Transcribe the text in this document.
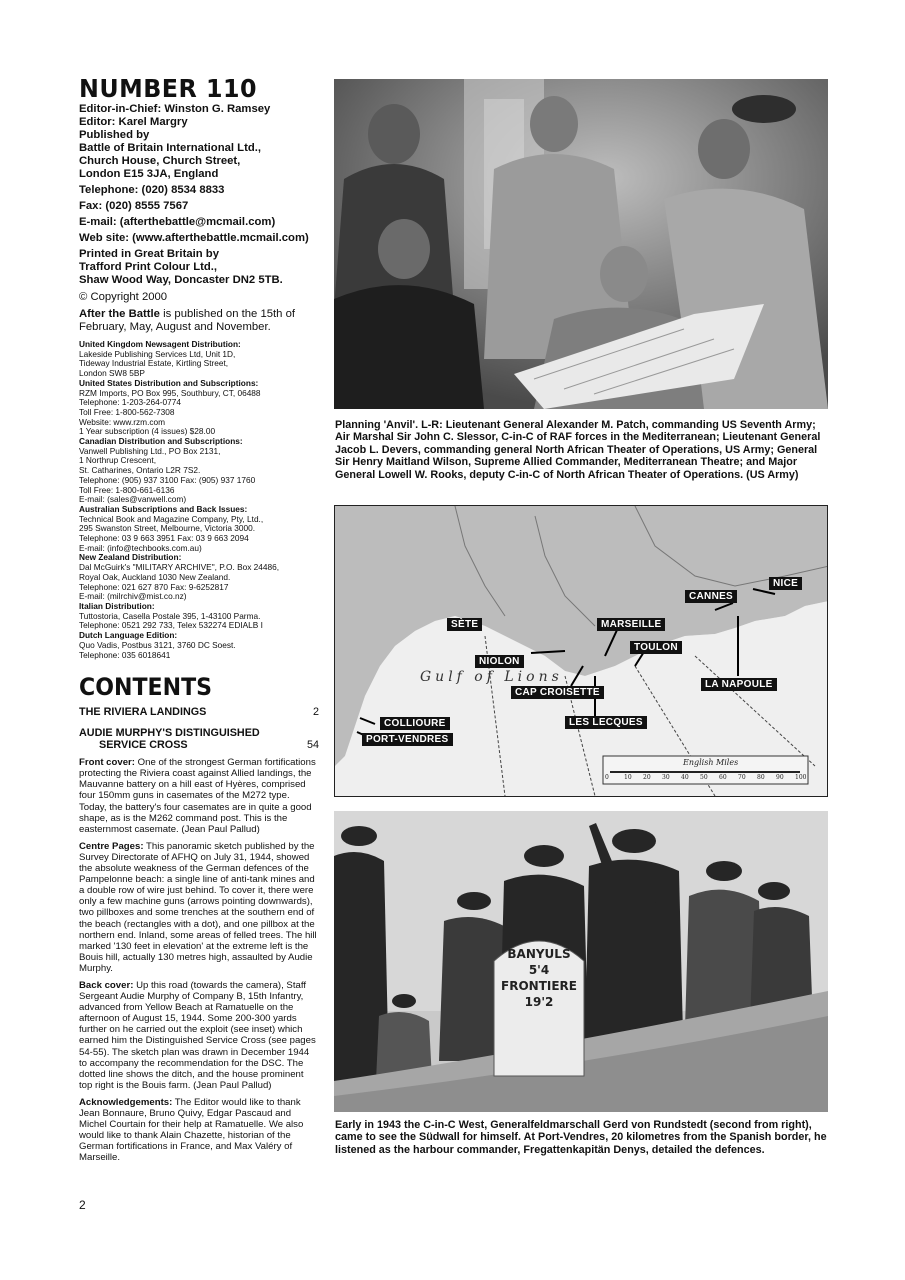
NUMBER 110

Editor-in-Chief: Winston G. Ramsey

Editor: Karel Margry

Published by

Battle of Britain International Ltd.,

Church House, Church Street,

London E15 3JA, England

Telephone: (020) 8534 8833

Fax: (020) 8555 7567

E-mail: (afterthebattle@mcmail.com)

Web site: (www.afterthebattle.mcmail.com)

Printed in Great Britain by

Trafford Print Colour Ltd.,

Shaw Wood Way, Doncaster DN2 5TB.

© Copyright 2000

After the Battle is published on the 15th of February, May, August and November.

United Kingdom Newsagent Distribution:
Lakeside Publishing Services Ltd, Unit 1D,
Tideway Industrial Estate, Kirtling Street,
London SW8 5BP
United States Distribution and Subscriptions:
RZM Imports, PO Box 995, Southbury, CT, 06488
Telephone: 1-203-264-0774
Toll Free: 1-800-562-7308
Website: www.rzm.com
1 Year subscription (4 issues) $28.00
Canadian Distribution and Subscriptions:
Vanwell Publishing Ltd., PO Box 2131,
1 Northrup Crescent,
St. Catharines, Ontario L2R 7S2.
Telephone: (905) 937 3100 Fax: (905) 937 1760
Toll Free: 1-800-661-6136
E-mail: (sales@vanwell.com)
Australian Subscriptions and Back Issues:
Technical Book and Magazine Company, Pty, Ltd.,
295 Swanston Street, Melbourne, Victoria 3000.
Telephone: 03 9 663 3951 Fax: 03 9 663 2094
E-mail: (info@techbooks.com.au)
New Zealand Distribution:
Dal McGuirk's "MILITARY ARCHIVE", P.O. Box 24486,
Royal Oak, Auckland 1030 New Zealand.
Telephone: 021 627 870 Fax: 9-6252817
E-mail: (milrchiv@mist.co.nz)
Italian Distribution:
Tuttostoria, Casella Postale 395, 1-43100 Parma.
Telephone: 0521 292 733, Telex 532274 EDIALB I
Dutch Language Edition:
Quo Vadis, Postbus 3121, 3760 DC Soest.
Telephone: 035 6018641
CONTENTS
THE RIVIERA LANDINGS	2
AUDIE MURPHY'S DISTINGUISHED
SERVICE CROSS	54

Front cover: One of the strongest German fortifications protecting the Riviera coast against Allied landings, the Mauvanne battery on a hill east of Hyères, comprised four 150mm guns in casemates of the M272 type. Today, the battery's four casemates are in quite a good shape, as is the M262 command post. This is the easternmost casemate. (Jean Paul Pallud)

Centre Pages: This panoramic sketch published by the Survey Directorate of AFHQ on July 31, 1944, showed the absolute weakness of the German defences of the Pampelonne beach: a single line of anti-tank mines and a double row of wire just behind. To cover it, there were only a few machine guns (arrows pointing downwards), two pillboxes and some trenches at the southern end of the beach (rectangles with a dot), and one pillbox at the northern end. Inland, some areas of felled trees. The hill marked '130 feet in elevation' at the extreme left is the Bouis hill, actually 130 metres high, assaulted by Audie Murphy.

Back cover: Up this road (towards the camera), Staff Sergeant Audie Murphy of Company B, 15th Infantry, advanced from Yellow Beach at Ramatuelle on the afternoon of August 15, 1944. Some 200-300 yards further on he carried out the exploit (see inset) which earned him the Distinguished Service Cross (see pages 54-55). The sketch plan was drawn in December 1944 to accompany the recommendation for the DSC. The dotted line shows the ditch, and the house prominent top right is the Bouis farm. (Jean Paul Pallud)

Acknowledgements: The Editor would like to thank Jean Bonnaure, Bruno Quivy, Edgar Pascaud and Michel Courtain for their help at Ramatuelle. We also would like to thank Alain Chazette, historian of the German fortifications in France, and Max Valéry of Marseille.

2
Planning 'Anvil'. L-R: Lieutenant General Alexander M. Patch, commanding US Seventh Army; Air Marshal Sir John C. Slessor, C-in-C of RAF forces in the Mediterranean; Lieutenant General Jacob L. Devers, commanding general North African Theater of Operations, US Army; General Sir Henry Maitland Wilson, Supreme Allied Commander, Mediterranean Theatre; and Major General Lowell W. Rooks, deputy C-in-C of North African Theater of Operations. (US Army)
Gulf of Lions
NICE
CANNES
SÈTE	MARSEILLE
TOULON
NIOLON
LA NAPOULE
CAP CROISETTE
LES LECQUES
COLLIOURE
PORT-VENDRES
English Miles
0	10 20 30 40 50 60 70 80 90 100
BANYULS
5'4
FRONTIERE
19'2
Early in 1943 the C-in-C West, Generalfeldmarschall Gerd von Rundstedt (second from right), came to see the Südwall for himself. At Port-Vendres, 20 kilometres from the Spanish border, he listened as the harbour commander, Fregattenkapitän Denys, detailed the defences.
